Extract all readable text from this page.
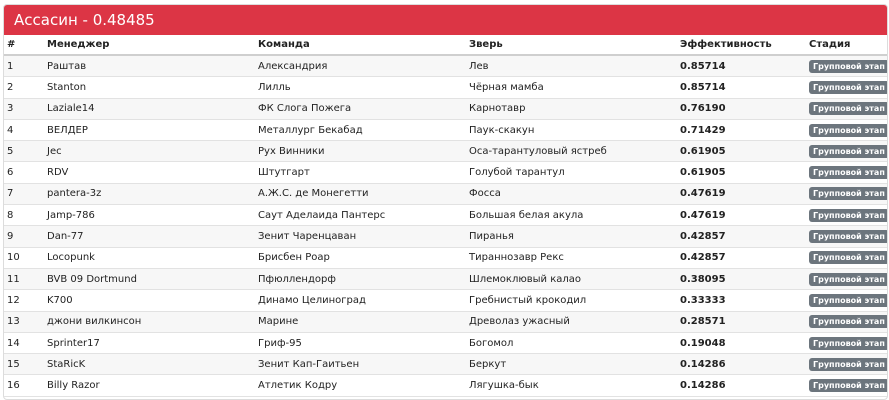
Ассасин - 0.48485
#	Менеджер	Команда	Зверь	Эффективность	Стадия
1	Раштав	Александрия	Лев	0.85714	Групповой этап
2	Stanton	Лилль	Чёрная мамба	0.85714	Групповой этап
3	Laziale14	ФК Слога Пожега	Карнотавр	0.76190	Групповой этап
4	ВЕЛДЕР	Металлург Бекабад	Паук-скакун	0.71429	Групповой этап
5	Jec	Рух Винники	Оса-тарантуловый ястреб	0.61905	Групповой этап
6	RDV	Штутгарт	Голубой тарантул	0.61905	Групповой этап
7	pantera-3z	А.Ж.С. де Монегетти	Фосса	0.47619	Групповой этап
8	Jamp-786	Саут Аделаида Пантерс	Большая белая акула	0.47619	Групповой этап
9	Dan-77	Зенит Чаренцаван	Пиранья	0.42857	Групповой этап
10	Locopunk	Брисбен Роар	Тираннозавр Рекс	0.42857	Групповой этап
11	BVB 09 Dortmund	Пфюллендорф	Шлемоклювый калао	0.38095	Групповой этап
12	K700	Динамо Целиноград	Гребнистый крокодил	0.33333	Групповой этап
13	джони вилкинсон	Марине	Древолаз ужасный	0.28571	Групповой этап
14	Sprinter17	Гриф-95	Богомол	0.19048	Групповой этап
15	StaRicK	Зенит Кап-Гаитьен	Беркут	0.14286	Групповой этап
16	Billy Razor	Атлетик Кодру	Лягушка-бык	0.14286	Групповой этап
